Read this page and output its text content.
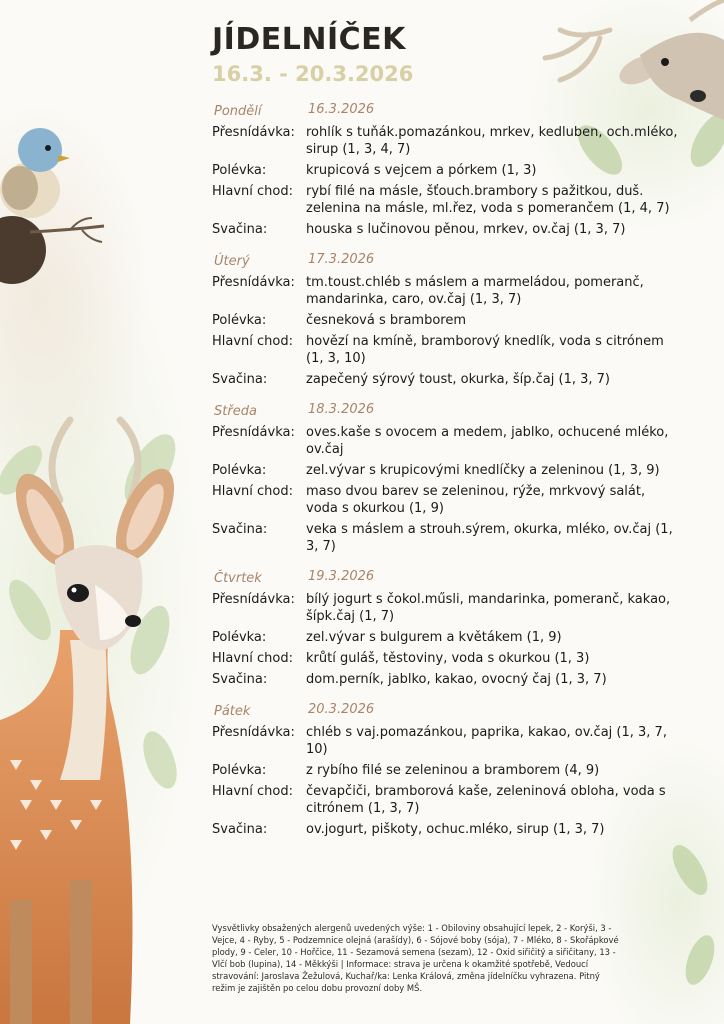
JÍDELNÍČEK
16.3. - 20.3.2026
Pondělí	16.3.2026
Přesnídávka: rohlík s tuňák.pomazánkou, mrkev, kedluben, och.mléko, sirup (1, 3, 4, 7)
Polévka:	krupicová s vejcem a pórkem (1, 3)
Hlavní chod: rybí filé na másle, šťouch.brambory s pažitkou, duš. zelenina na másle, ml.řez, voda s pomerančem (1, 4, 7)
Svačina:	houska s lučinovou pěnou, mrkev, ov.čaj (1, 3, 7)
Úterý	17.3.2026
Přesnídávka: tm.toust.chléb s máslem a marmeládou, pomeranč, mandarinka, caro, ov.čaj (1, 3, 7)
Polévka:	česneková s bramborem
Hlavní chod: hovězí na kmíně, bramborový knedlík, voda s citrónem (1, 3, 10)
Svačina:	zapečený sýrový toust, okurka, šíp.čaj (1, 3, 7)
Středa	18.3.2026
Přesnídávka: oves.kaše s ovocem a medem, jablko, ochucené mléko, ov.čaj
Polévka:	zel.vývar s krupicovými knedlíčky a zeleninou (1, 3, 9)
Hlavní chod: maso dvou barev se zeleninou, rýže, mrkvový salát, voda s okurkou (1, 9)
Svačina:	veka s máslem a strouh.sýrem, okurka, mléko, ov.čaj (1, 3, 7)
Čtvrtek	19.3.2026
Přesnídávka: bílý jogurt s čokol.műsli, mandarinka, pomeranč, kakao, šípk.čaj (1, 7)
Polévka:	zel.vývar s bulgurem a květákem (1, 9)
Hlavní chod: krůtí guláš, těstoviny, voda s okurkou (1, 3)
Svačina:	dom.perník, jablko, kakao, ovocný čaj (1, 3, 7)
Pátek	20.3.2026
Přesnídávka: chléb s vaj.pomazánkou, paprika, kakao, ov.čaj (1, 3, 7, 10)
Polévka:	z rybího filé se zeleninou a bramborem (4, 9)
Hlavní chod: čevapčiči, bramborová kaše, zeleninová obloha, voda s citrónem (1, 3, 7)
Svačina:	ov.jogurt, piškoty, ochuc.mléko, sirup (1, 3, 7)
Vysvětlivky obsažených alergenů uvedených výše: 1 - Obiloviny obsahující lepek, 2 - Korýši, 3 - Vejce, 4 - Ryby, 5 - Podzemnice olejná (arašídy), 6 - Sójové boby (sója), 7 - Mléko, 8 - Skořápkové plody, 9 - Celer, 10 - Hořčice, 11 - Sezamová semena (sezam), 12 - Oxid siřičitý a siřičitany, 13 - Vlčí bob (lupina), 14 - Měkkýši | Informace: strava je určena k okamžité spotřebě, Vedoucí stravování: Jaroslava Žežulová, Kuchař/ka: Lenka Králová, změna jídelníčku vyhrazena. Pitný režim je zajištěn po celou dobu provozní doby MŠ.
